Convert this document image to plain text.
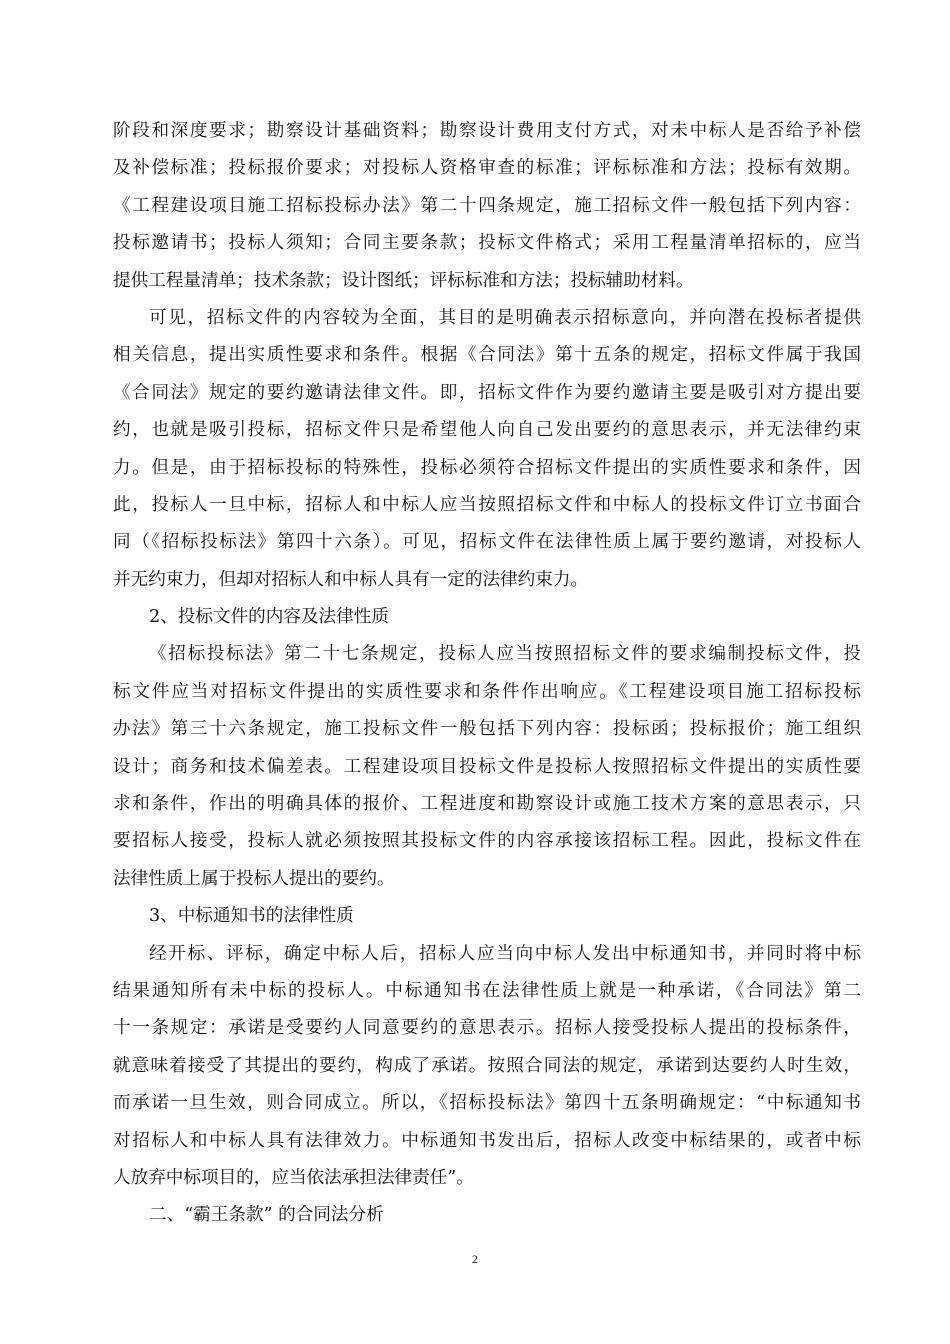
阶段和深度要求；勘察设计基础资料；勘察设计费用支付方式，对未中标人是否给予补偿
及补偿标准；投标报价要求；对投标人资格审查的标准；评标标准和方法；投标有效期。
《工程建设项目施工招标投标办法》第二十四条规定，施工招标文件一般包括下列内容：
投标邀请书；投标人须知；合同主要条款；投标文件格式；采用工程量清单招标的，应当
提供工程量清单；技术条款；设计图纸；评标标准和方法；投标辅助材料。
可见，招标文件的内容较为全面，其目的是明确表示招标意向，并向潜在投标者提供
相关信息，提出实质性要求和条件。根据《合同法》第十五条的规定，招标文件属于我国
《合同法》规定的要约邀请法律文件。即，招标文件作为要约邀请主要是吸引对方提出要
约，也就是吸引投标，招标文件只是希望他人向自己发出要约的意思表示，并无法律约束
力。但是，由于招标投标的特殊性，投标必须符合招标文件提出的实质性要求和条件，因
此，投标人一旦中标，招标人和中标人应当按照招标文件和中标人的投标文件订立书面合
同（《招标投标法》第四十六条）。可见，招标文件在法律性质上属于要约邀请，对投标人
并无约束力，但却对招标人和中标人具有一定的法律约束力。
2、投标文件的内容及法律性质
《招标投标法》第二十七条规定，投标人应当按照招标文件的要求编制投标文件，投
标文件应当对招标文件提出的实质性要求和条件作出响应。《工程建设项目施工招标投标
办法》第三十六条规定，施工投标文件一般包括下列内容：投标函；投标报价；施工组织
设计；商务和技术偏差表。工程建设项目投标文件是投标人按照招标文件提出的实质性要
求和条件，作出的明确具体的报价、工程进度和勘察设计或施工技术方案的意思表示，只
要招标人接受，投标人就必须按照其投标文件的内容承接该招标工程。因此，投标文件在
法律性质上属于投标人提出的要约。
3、中标通知书的法律性质
经开标、评标，确定中标人后，招标人应当向中标人发出中标通知书，并同时将中标
结果通知所有未中标的投标人。中标通知书在法律性质上就是一种承诺，《合同法》第二
十一条规定：承诺是受要约人同意要约的意思表示。招标人接受投标人提出的投标条件，
就意味着接受了其提出的要约，构成了承诺。按照合同法的规定，承诺到达要约人时生效，
而承诺一旦生效，则合同成立。所以，《招标投标法》第四十五条明确规定：“中标通知书
对招标人和中标人具有法律效力。中标通知书发出后，招标人改变中标结果的，或者中标
人放弃中标项目的，应当依法承担法律责任”。
二、“霸王条款” 的合同法分析
2
